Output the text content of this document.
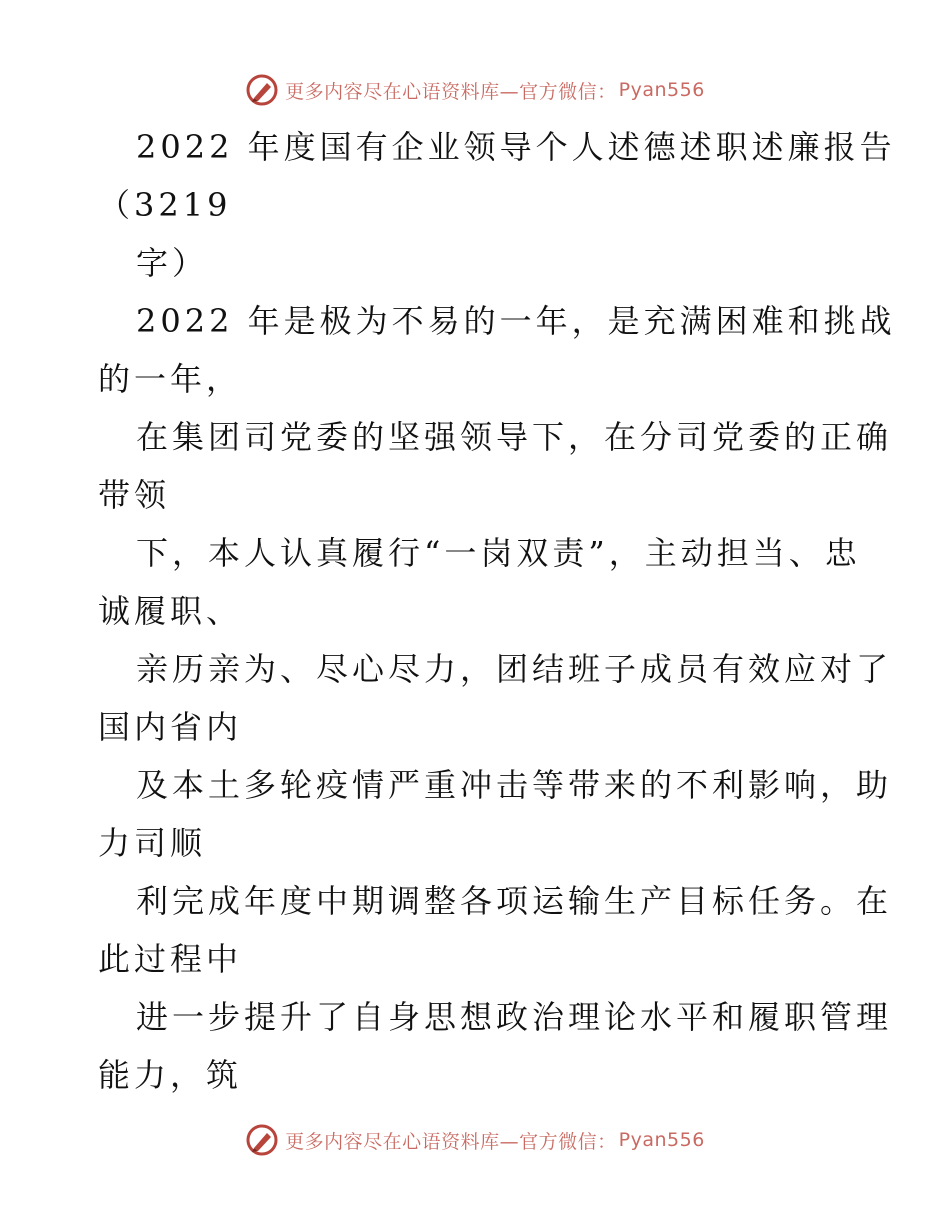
更多内容尽在心语资料库—官方微信： Pyan556
2022 年度国有企业领导个人述德述职述廉报告
（3219
字）
2022 年是极为不易的一年，是充满困难和挑战
的一年，
在集团司党委的坚强领导下，在分司党委的正确
带领
下，本人认真履行“一岗双责”，主动担当、忠
诚履职、
亲历亲为、尽心尽力，团结班子成员有效应对了
国内省内
及本土多轮疫情严重冲击等带来的不利影响，助
力司顺
利完成年度中期调整各项运输生产目标任务。在
此过程中
进一步提升了自身思想政治理论水平和履职管理
能力，筑
更多内容尽在心语资料库—官方微信： Pyan556
